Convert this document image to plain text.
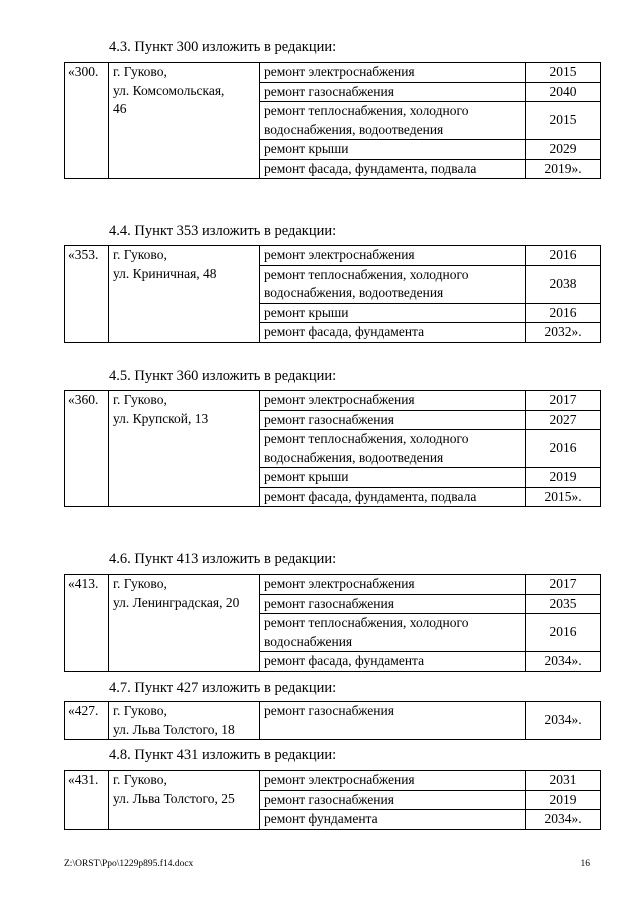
4.3. Пункт 300 изложить в редакции:
«300.	г. Гуково,
ул. Комсомольская,
46	ремонт электроснабжения	2015
		ремонт газоснабжения	2040
		ремонт теплоснабжения, холодного водоснабжения, водоотведения	2015
		ремонт крыши	2029
		ремонт фасада, фундамента, подвала	2019».
4.4. Пункт 353 изложить в редакции:
«353.	г. Гуково,
ул. Криничная, 48	ремонт электроснабжения	2016
		ремонт теплоснабжения, холодного водоснабжения, водоотведения	2038
		ремонт крыши	2016
		ремонт фасада, фундамента	2032».
4.5. Пункт 360 изложить в редакции:
«360.	г. Гуково,
ул. Крупской, 13	ремонт электроснабжения	2017
		ремонт газоснабжения	2027
		ремонт теплоснабжения, холодного водоснабжения, водоотведения	2016
		ремонт крыши	2019
		ремонт фасада, фундамента, подвала	2015».
4.6. Пункт 413 изложить в редакции:
«413.	г. Гуково,
ул. Ленинградская, 20	ремонт электроснабжения	2017
		ремонт газоснабжения	2035
		ремонт теплоснабжения, холодного водоснабжения	2016
		ремонт фасада, фундамента	2034».
4.7. Пункт 427 изложить в редакции:
«427.	г. Гуково,
ул. Льва Толстого, 18	ремонт газоснабжения	2034».
4.8. Пункт 431 изложить в редакции:
«431.	г. Гуково,
ул. Льва Толстого, 25	ремонт электроснабжения	2031
		ремонт газоснабжения	2019
		ремонт фундамента	2034».
Z:\ORST\Ppo\1229p895.f14.docx	16
